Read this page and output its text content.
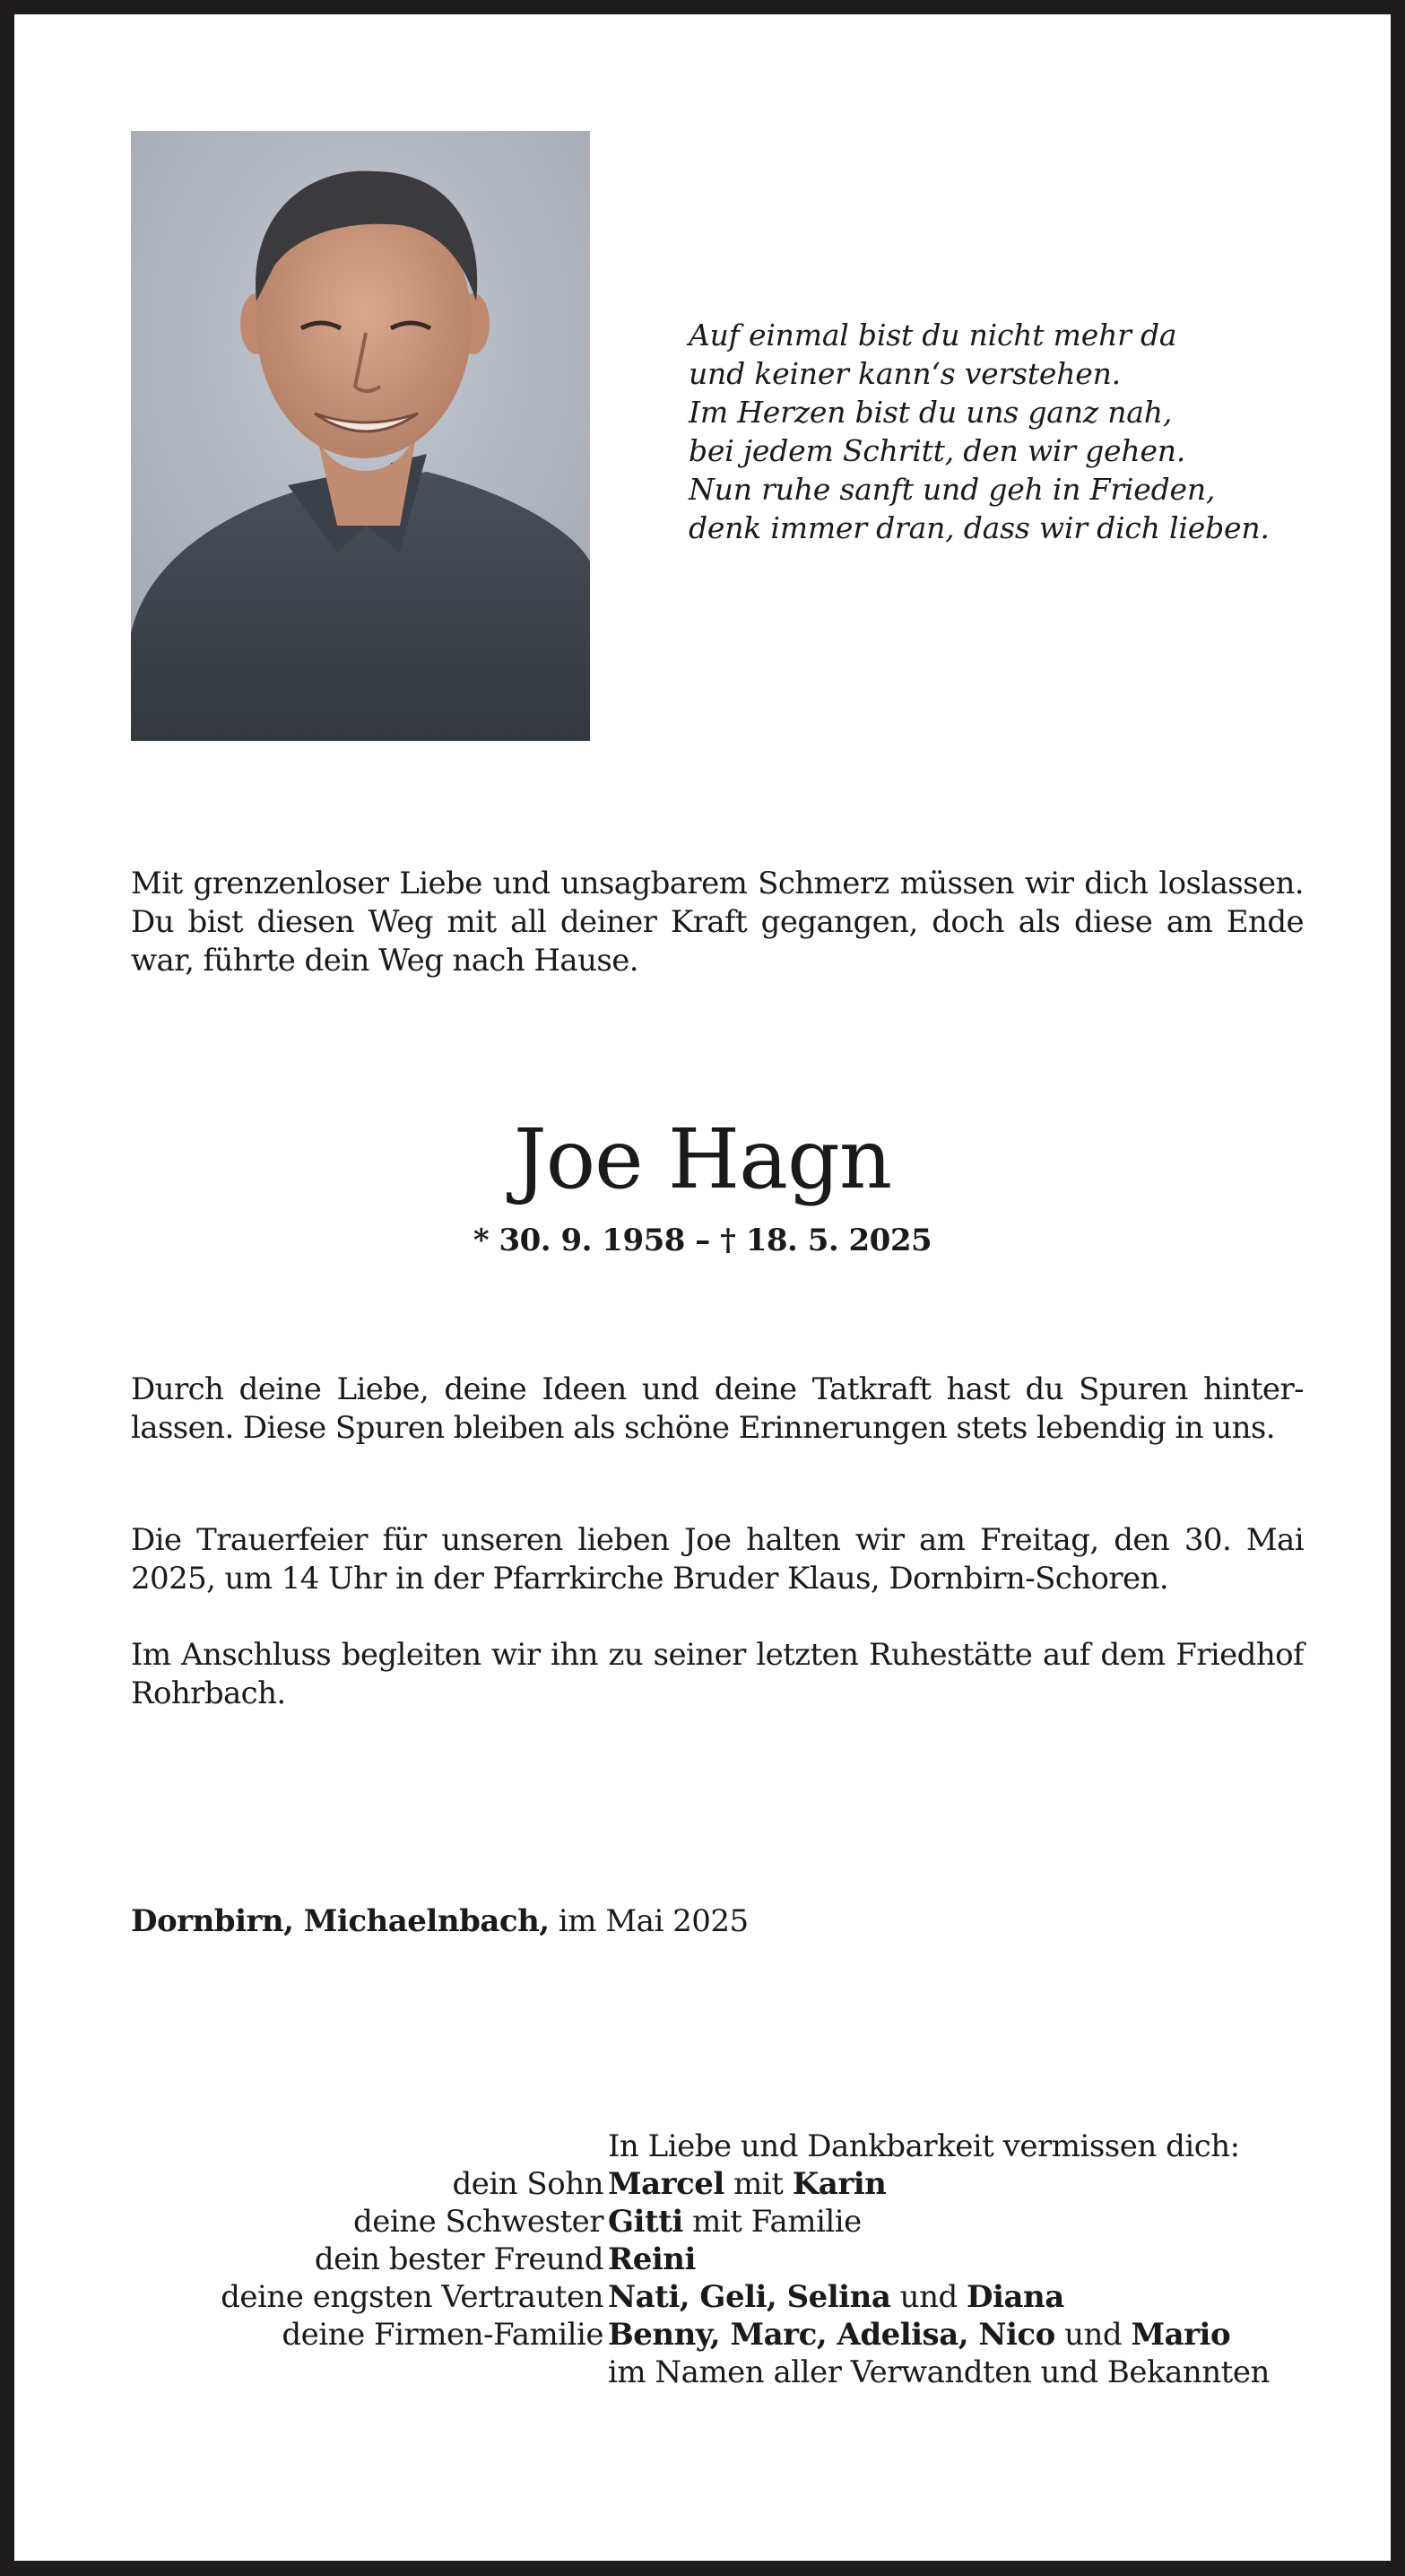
Auf einmal bist du nicht mehr da
und keiner kann‘s verstehen.
Im Herzen bist du uns ganz nah,
bei jedem Schritt, den wir gehen.
Nun ruhe sanft und geh in Frieden,
denk immer dran, dass wir dich lieben.
Mit grenzenloser Liebe und unsagbarem Schmerz müssen wir dich loslassen.
Du bist diesen Weg mit all deiner Kraft gegangen, doch als diese am Ende
war, führte dein Weg nach Hause.
Joe Hagn
* 30. 9. 1958 – † 18. 5. 2025
Durch deine Liebe, deine Ideen und deine Tatkraft hast du Spuren hinter-
lassen. Diese Spuren bleiben als schöne Erinnerungen stets lebendig in uns.
Die Trauerfeier für unseren lieben Joe halten wir am Freitag, den 30. Mai
2025, um 14 Uhr in der Pfarrkirche Bruder Klaus, Dornbirn-Schoren.
Im Anschluss begleiten wir ihn zu seiner letzten Ruhestätte auf dem Friedhof
Rohrbach.
Dornbirn, Michaelnbach, im Mai 2025
In Liebe und Dankbarkeit vermissen dich:
dein Sohn Marcel mit Karin
deine Schwester Gitti mit Familie
dein bester Freund Reini
deine engsten Vertrauten Nati, Geli, Selina und Diana
deine Firmen-Familie Benny, Marc, Adelisa, Nico und Mario
im Namen aller Verwandten und Bekannten
